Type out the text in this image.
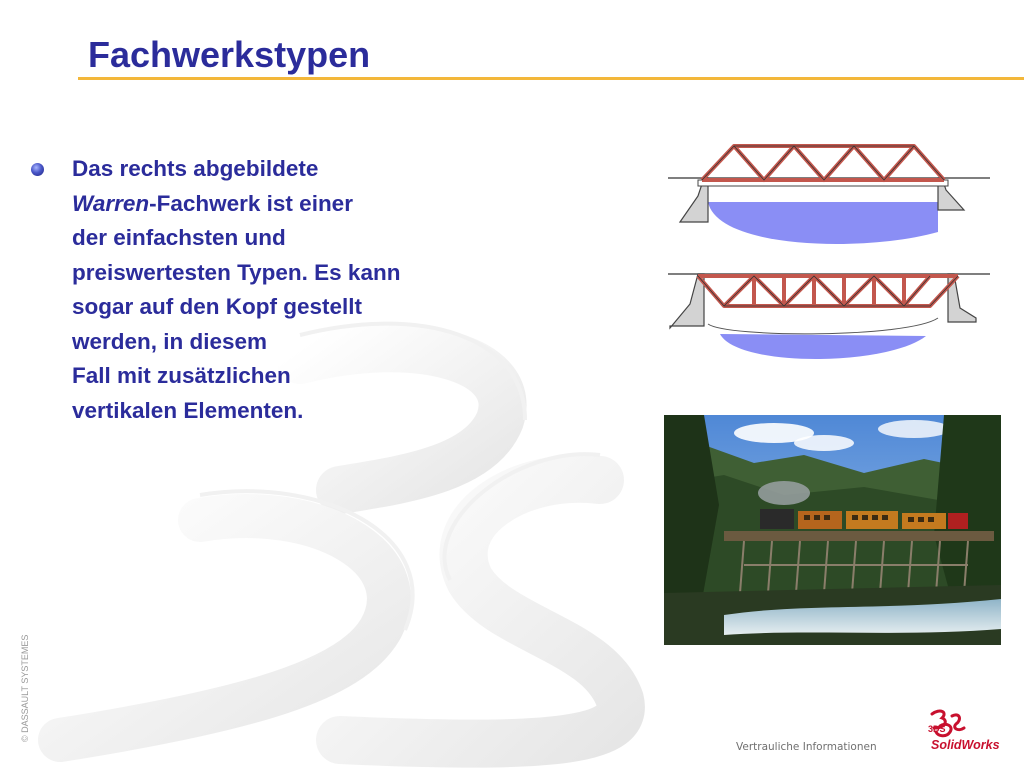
Fachwerkstypen
Das rechts abgebildete
Warren-Fachwerk ist einer
der einfachsten und
preiswertesten Typen. Es kann
sogar auf den Kopf gestellt
werden, in diesem
Fall mit zusätzlichen
vertikalen Elementen.
© DASSAULT SYSTEMES
Vertrauliche Informationen
3DS
SolidWorks
